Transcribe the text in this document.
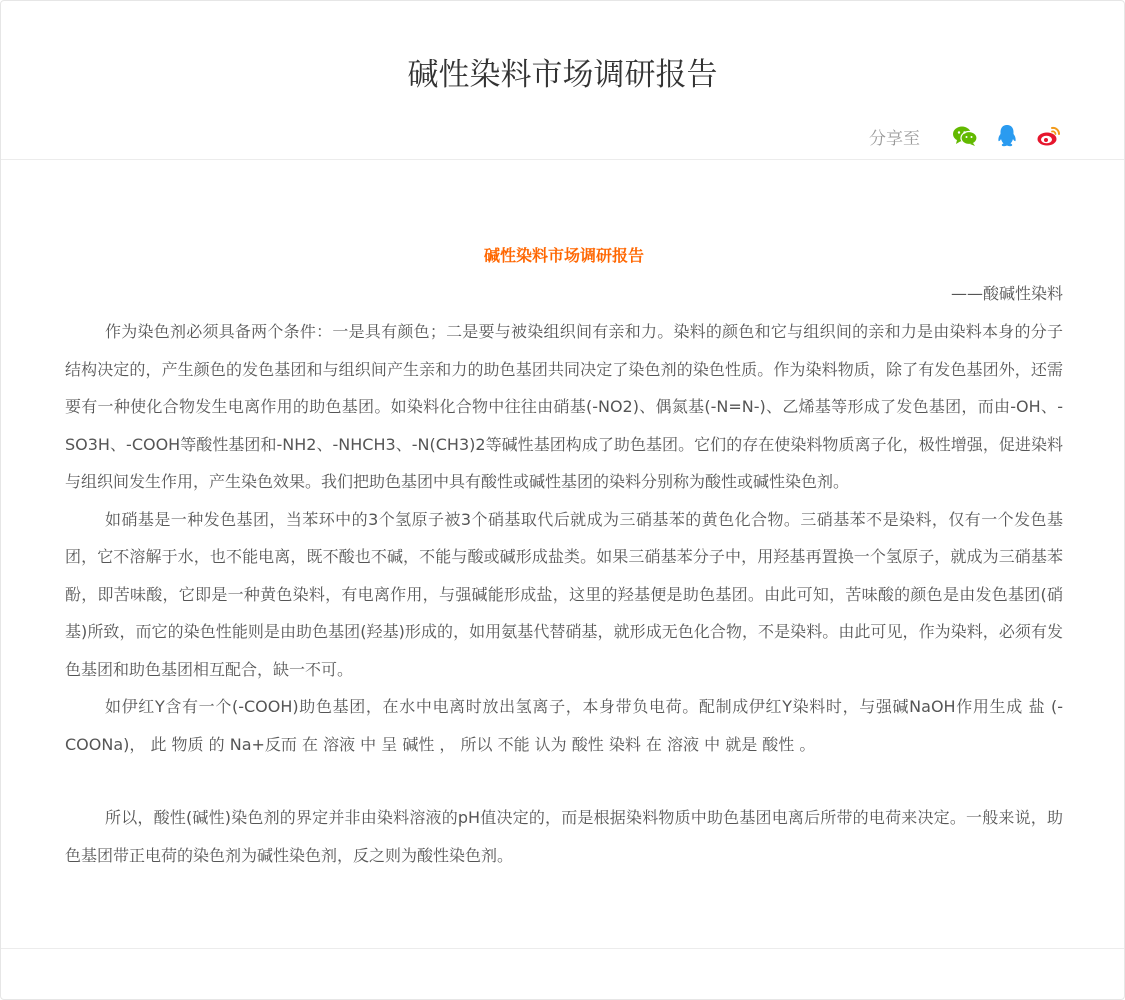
碱性染料市场调研报告
分享至

碱性染料市场调研报告

——酸碱性染料

作为染色剂必须具备两个条件：一是具有颜色；二是要与被染组织间有亲和力。染料的颜色和它与组织间的亲和力是由染料本身的分子结构决定的，产生颜色的发色基团和与组织间产生亲和力的助色基团共同决定了染色剂的染色性质。作为染料物质，除了有发色基团外，还需要有一种使化合物发生电离作用的助色基团。如染料化合物中往往由硝基(-NO2)、偶氮基(-N=N-)、乙烯基等形成了发色基团，而由-OH、-SO3H、-COOH等酸性基团和-NH2、-NHCH3、-N(CH3)2等碱性基团构成了助色基团。它们的存在使染料物质离子化，极性增强，促进染料与组织间发生作用，产生染色效果。我们把助色基团中具有酸性或碱性基团的染料分别称为酸性或碱性染色剂。

如硝基是一种发色基团，当苯环中的3个氢原子被3个硝基取代后就成为三硝基苯的黄色化合物。三硝基苯不是染料，仅有一个发色基团，它不溶解于水，也不能电离，既不酸也不碱，不能与酸或碱形成盐类。如果三硝基苯分子中，用羟基再置换一个氢原子，就成为三硝基苯酚，即苦味酸，它即是一种黄色染料，有电离作用，与强碱能形成盐，这里的羟基便是助色基团。由此可知，苦味酸的颜色是由发色基团(硝基)所致，而它的染色性能则是由助色基团(羟基)形成的，如用氨基代替硝基，就形成无色化合物，不是染料。由此可见，作为染料，必须有发色基团和助色基团相互配合，缺一不可。

如伊红Y含有一个(-COOH)助色基团，在水中电离时放出氢离子，本身带负电荷。配制成伊红Y染料时，与强碱NaOH作用生成 盐 (-COONa)， 此 物质 的 Na+反而 在 溶液 中 呈 碱性 ， 所以 不能 认为 酸性 染料 在 溶液 中 就是 酸性 。

所以，酸性(碱性)染色剂的界定并非由染料溶液的pH值决定的，而是根据染料物质中助色基团电离后所带的电荷来决定。一般来说，助色基团带正电荷的染色剂为碱性染色剂，反之则为酸性染色剂。
